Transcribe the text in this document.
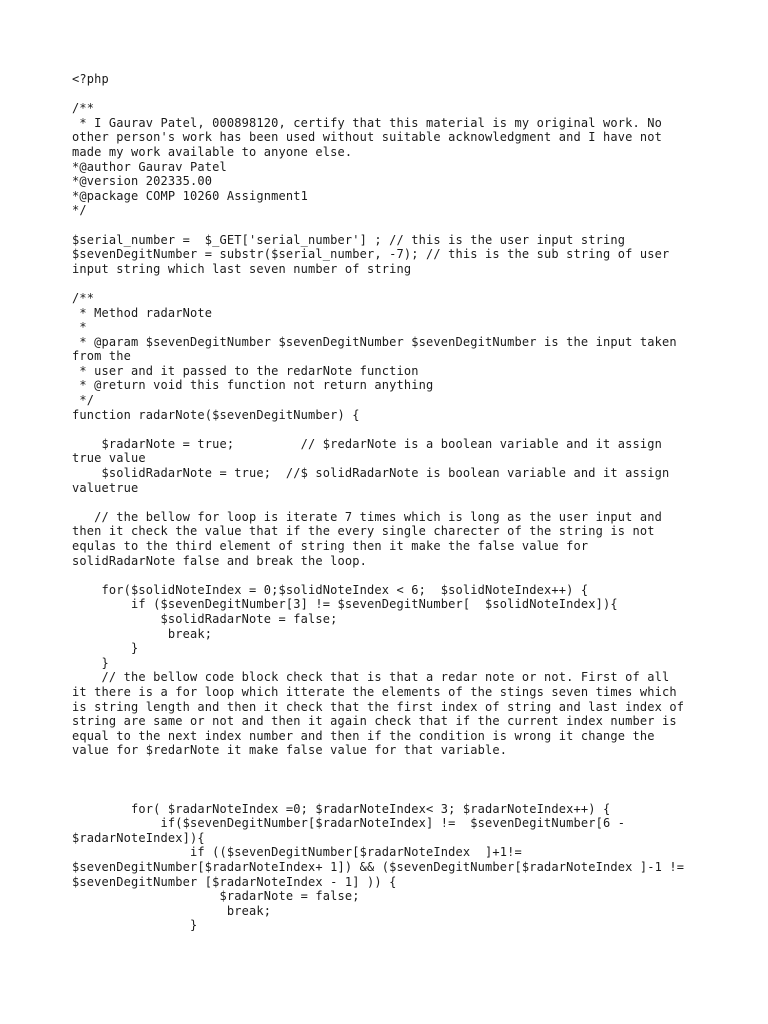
<?php
/**
* I Gaurav Patel, 000898120, certify that this material is my original work. No
other person's work has been used without suitable acknowledgment and I have not
made my work available to anyone else.
*@author Gaurav Patel
*@version 202335.00
*@package COMP 10260 Assignment1
*/
$serial_number =  $_GET['serial_number'] ; // this is the user input string
$sevenDegitNumber = substr($serial_number, -7); // this is the sub string of user
input string which last seven number of string
/**
* Method radarNote
*
* @param $sevenDegitNumber $sevenDegitNumber $sevenDegitNumber is the input taken
from the
* user and it passed to the redarNote function
* @return void this function not return anything
*/
function radarNote($sevenDegitNumber) {
$radarNote = true;         // $redarNote is a boolean variable and it assign
true value
$solidRadarNote = true;  //$ solidRadarNote is boolean variable and it assign
valuetrue
// the bellow for loop is iterate 7 times which is long as the user input and
then it check the value that if the every single charecter of the string is not
equlas to the third element of string then it make the false value for
solidRadarNote false and break the loop.
for($solidNoteIndex = 0;$solidNoteIndex < 6;  $solidNoteIndex++) {
if ($sevenDegitNumber[3] != $sevenDegitNumber[  $solidNoteIndex]){
$solidRadarNote = false;
break;
}
}
// the bellow code block check that is that a redar note or not. First of all
it there is a for loop which itterate the elements of the stings seven times which
is string length and then it check that the first index of string and last index of
string are same or not and then it again check that if the current index number is
equal to the next index number and then if the condition is wrong it change the
value for $redarNote it make false value for that variable.
for( $radarNoteIndex =0; $radarNoteIndex< 3; $radarNoteIndex++) {
if($sevenDegitNumber[$radarNoteIndex] !=  $sevenDegitNumber[6 -
$radarNoteIndex]){
if (($sevenDegitNumber[$radarNoteIndex  ]+1!=
$sevenDegitNumber[$radarNoteIndex+ 1]) && ($sevenDegitNumber[$radarNoteIndex ]-1 !=
$sevenDegitNumber [$radarNoteIndex - 1] )) {
$radarNote = false;
break;
}
